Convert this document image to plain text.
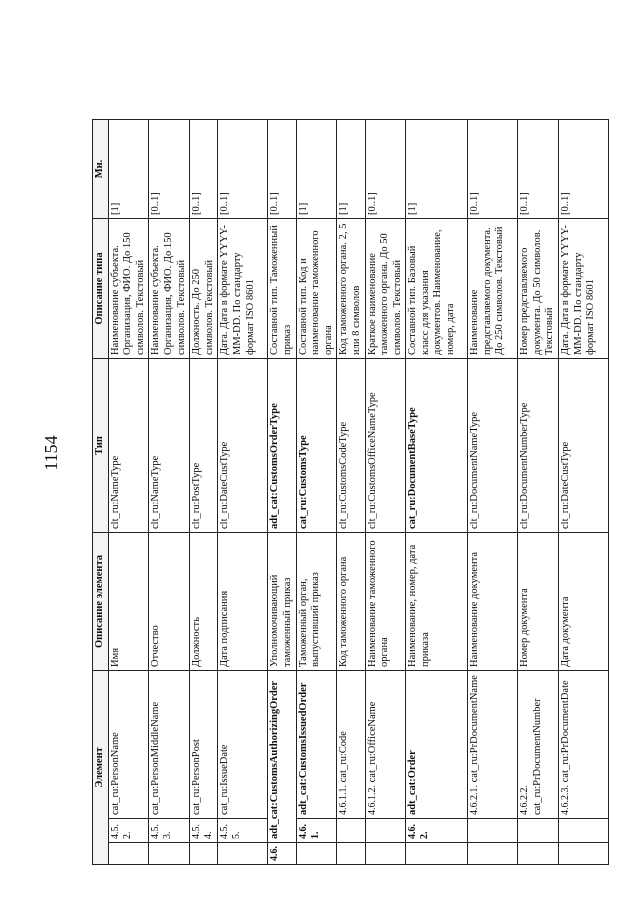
1154
Элемент			Описание элемента	Тип	Описание типа	Мн.
	4.5.2.	cat_ru:PersonName	Имя	clt_ru:NameType	Наименование субъекта. Организация, ФИО. До 150 символов. Текстовый	[1]
	4.5.3.	cat_ru:PersonMiddleName	Отчество	clt_ru:NameType	Наименование субъекта. Организация, ФИО. До 150 символов. Текстовый	[0..1]
	4.5.4.	cat_ru:PersonPost	Должность	clt_ru:PostType	Должность. До 250 символов. Текстовый	[0..1]
	4.5.5.	cat_ru:IssueDate	Дата подписания	clt_ru:DateCustType	Дата. Дата в формате YYYY-MM-DD. По стандарту формат ISO 8601	[0..1]
4.6.	adt_cat:CustomsAuthorizingOrder		Уполномочивающий таможенный приказ	adt_cat:CustomsOrderType	Составной тип. Таможенный приказ	[0..1]
	4.6.1.	adt_cat:CustomsIssuedOrder	Таможенный орган, выпустивший приказ	cat_ru:CustomsType	Составной тип. Код и наименование таможенного органа	[1]
		4.6.1.1. cat_ru:Code	Код таможенного органа	clt_ru:CustomsCodeType	Код таможенного органа. 2, 5 или 8 символов	[1]
		4.6.1.2. cat_ru:OfficeName	Наименование таможенного органа	clt_ru:CustomsOfficeNameType	Краткое наименование таможенного органа. До 50 символов. Текстовый	[0..1]
	4.6.2.	adt_cat:Order	Наименование, номер, дата приказа	cat_ru:DocumentBaseType	Составной тип. Базовый класс для указания документов. Наименование, номер, дата	[1]
		4.6.2.1. cat_ru:PrDocumentName	Наименование документа	clt_ru:DocumentNameType	Наименование представляемого документа. До 250 символов. Текстовый	[0..1]
		4.6.2.2. cat_ru:PrDocumentNumber	Номер документа	clt_ru:DocumentNumberType	Номер представляемого документа. До 50 символов. Текстовый	[0..1]
		4.6.2.3. cat_ru:PrDocumentDate	Дата документа	clt_ru:DateCustType	Дата. Дата в формате YYYY-MM-DD. По стандарту формат ISO 8601	[0..1]
